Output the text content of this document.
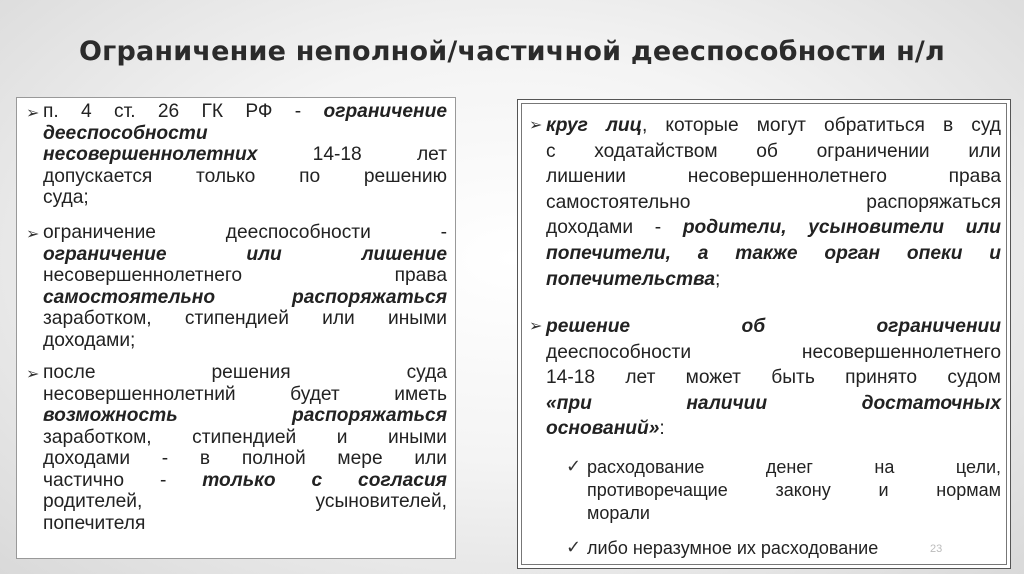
Ограничение неполной/частичной дееспособности н/л
➢ п. 4 ст. 26 ГК РФ - ограничение
дееспособности
несовершеннолетних 14-18 лет
допускается только по решению
суда;
➢ ограничение дееспособности -
ограничение или лишение
несовершеннолетнего права
самостоятельно распоряжаться
заработком, стипендией или иными
доходами;
➢ после решения суда
несовершеннолетний будет иметь
возможность распоряжаться
заработком, стипендией и иными
доходами - в полной мере или
частично - только с согласия
родителей, усыновителей,
попечителя
➢ круг лиц, которые могут обратиться в суд
с ходатайством об ограничении или
лишении несовершеннолетнего права
самостоятельно распоряжаться
доходами - родители, усыновители или
попечители, а также орган опеки и
попечительства;
➢ решение об ограничении
дееспособности несовершеннолетнего
14-18 лет может быть принято судом
«при наличии достаточных
оснований»:
✓ расходование денег на цели,
противоречащие закону и нормам
морали
✓ либо неразумное их расходование	23
